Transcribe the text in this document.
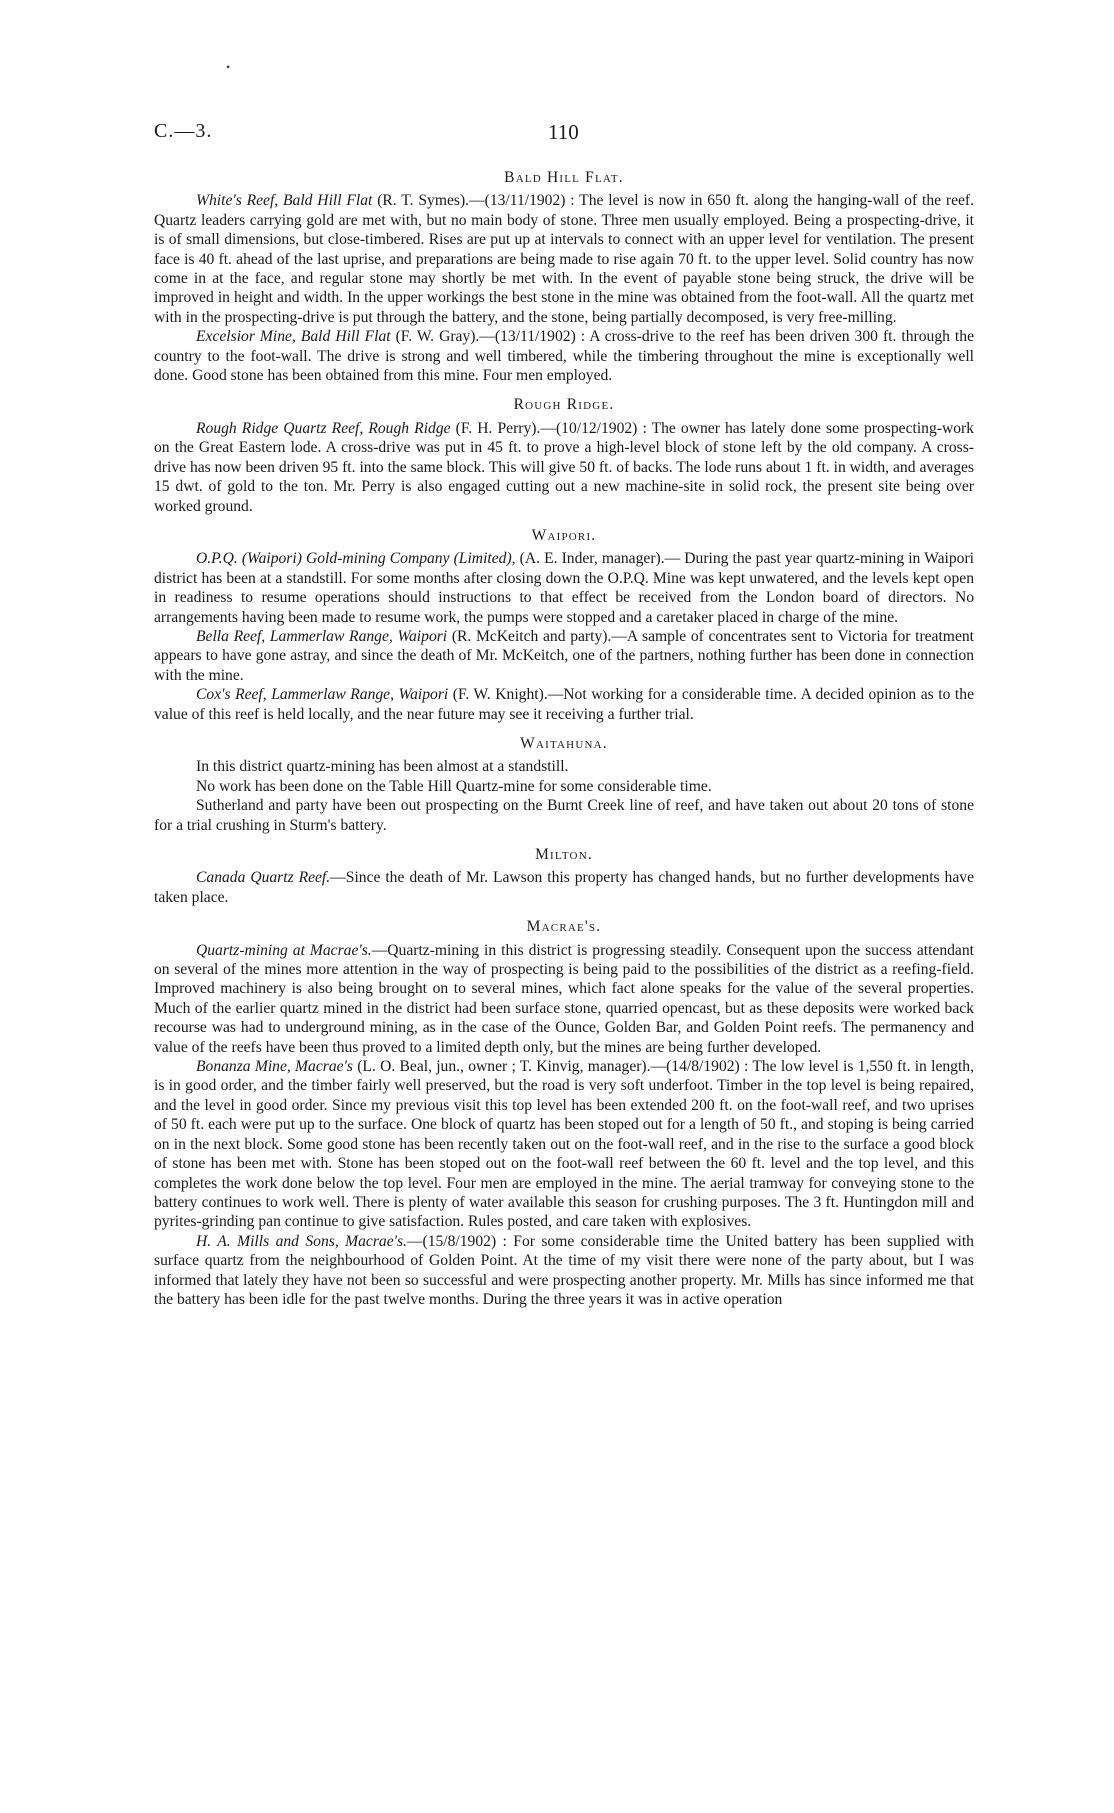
C.—3.	110
•
Bald Hill Flat.

White's Reef, Bald Hill Flat (R. T. Symes).—(13/11/1902) : The level is now in 650 ft. along the hanging-wall of the reef. Quartz leaders carrying gold are met with, but no main body of stone. Three men usually employed. Being a prospecting-drive, it is of small dimensions, but close-timbered. Rises are put up at intervals to connect with an upper level for ventilation. The present face is 40 ft. ahead of the last uprise, and preparations are being made to rise again 70 ft. to the upper level. Solid country has now come in at the face, and regular stone may shortly be met with. In the event of payable stone being struck, the drive will be improved in height and width. In the upper workings the best stone in the mine was obtained from the foot-wall. All the quartz met with in the prospecting-drive is put through the battery, and the stone, being partially decomposed, is very free-milling.

Excelsior Mine, Bald Hill Flat (F. W. Gray).—(13/11/1902) : A cross-drive to the reef has been driven 300 ft. through the country to the foot-wall. The drive is strong and well timbered, while the timbering throughout the mine is exceptionally well done. Good stone has been obtained from this mine. Four men employed.

Rough Ridge.

Rough Ridge Quartz Reef, Rough Ridge (F. H. Perry).—(10/12/1902) : The owner has lately done some prospecting-work on the Great Eastern lode. A cross-drive was put in 45 ft. to prove a high-level block of stone left by the old company. A cross-drive has now been driven 95 ft. into the same block. This will give 50 ft. of backs. The lode runs about 1 ft. in width, and averages 15 dwt. of gold to the ton. Mr. Perry is also engaged cutting out a new machine-site in solid rock, the present site being over worked ground.

Waipori.

O.P.Q. (Waipori) Gold-mining Company (Limited), (A. E. Inder, manager).— During the past year quartz-mining in Waipori district has been at a standstill. For some months after closing down the O.P.Q. Mine was kept unwatered, and the levels kept open in readiness to resume operations should instructions to that effect be received from the London board of directors. No arrangements having been made to resume work, the pumps were stopped and a caretaker placed in charge of the mine.

Bella Reef, Lammerlaw Range, Waipori (R. McKeitch and party).—A sample of concentrates sent to Victoria for treatment appears to have gone astray, and since the death of Mr. McKeitch, one of the partners, nothing further has been done in connection with the mine.

Cox's Reef, Lammerlaw Range, Waipori (F. W. Knight).—Not working for a considerable time. A decided opinion as to the value of this reef is held locally, and the near future may see it receiving a further trial.

Waitahuna.

In this district quartz-mining has been almost at a standstill.

No work has been done on the Table Hill Quartz-mine for some considerable time.

Sutherland and party have been out prospecting on the Burnt Creek line of reef, and have taken out about 20 tons of stone for a trial crushing in Sturm's battery.

Milton.

Canada Quartz Reef.—Since the death of Mr. Lawson this property has changed hands, but no further developments have taken place.

Macrae's.

Quartz-mining at Macrae's.—Quartz-mining in this district is progressing steadily. Consequent upon the success attendant on several of the mines more attention in the way of prospecting is being paid to the possibilities of the district as a reefing-field. Improved machinery is also being brought on to several mines, which fact alone speaks for the value of the several properties. Much of the earlier quartz mined in the district had been surface stone, quarried opencast, but as these deposits were worked back recourse was had to underground mining, as in the case of the Ounce, Golden Bar, and Golden Point reefs. The permanency and value of the reefs have been thus proved to a limited depth only, but the mines are being further developed.

Bonanza Mine, Macrae's (L. O. Beal, jun., owner ; T. Kinvig, manager).—(14/8/1902) : The low level is 1,550 ft. in length, is in good order, and the timber fairly well preserved, but the road is very soft underfoot. Timber in the top level is being repaired, and the level in good order. Since my previous visit this top level has been extended 200 ft. on the foot-wall reef, and two uprises of 50 ft. each were put up to the surface. One block of quartz has been stoped out for a length of 50 ft., and stoping is being carried on in the next block. Some good stone has been recently taken out on the foot-wall reef, and in the rise to the surface a good block of stone has been met with. Stone has been stoped out on the foot-wall reef between the 60 ft. level and the top level, and this completes the work done below the top level. Four men are employed in the mine. The aerial tramway for conveying stone to the battery continues to work well. There is plenty of water available this season for crushing purposes. The 3 ft. Huntingdon mill and pyrites-grinding pan continue to give satisfaction. Rules posted, and care taken with explosives.

H. A. Mills and Sons, Macrae's.—(15/8/1902) : For some considerable time the United battery has been supplied with surface quartz from the neighbourhood of Golden Point. At the time of my visit there were none of the party about, but I was informed that lately they have not been so successful and were prospecting another property. Mr. Mills has since informed me that the battery has been idle for the past twelve months. During the three years it was in active operation
